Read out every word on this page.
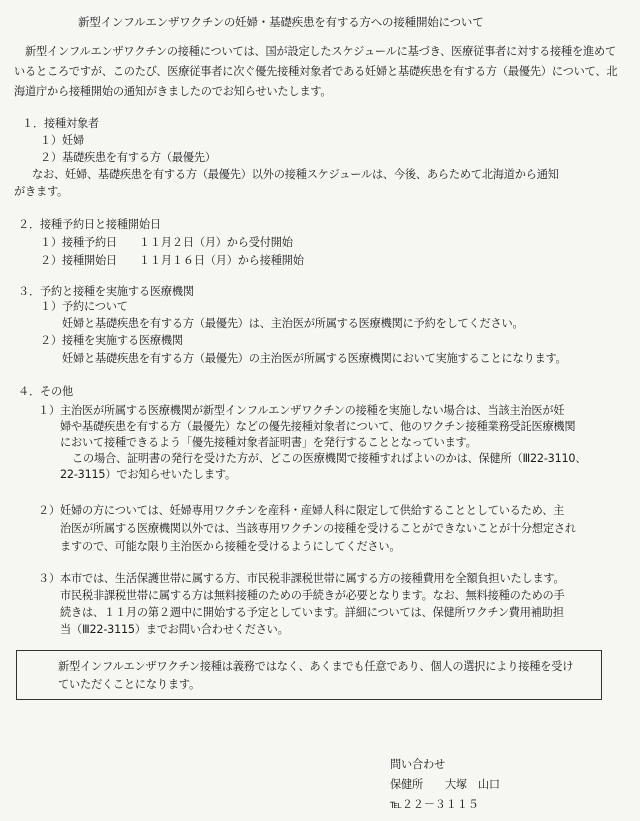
新型インフルエンザワクチンの妊婦・基礎疾患を有する方への接種開始について
　新型インフルエンザワクチンの接種については、国が設定したスケジュールに基づき、医療従事者に対する接種を進めているところですが、このたび、医療従事者に次ぐ優先接種対象者である妊婦と基礎疾患を有する方（最優先）について、北海道庁から接種開始の通知がきましたのでお知らせいたします。
１．接種対象者
１）妊婦
２）基礎疾患を有する方（最優先）
なお、妊婦、基礎疾患を有する方（最優先）以外の接種スケジュールは、今後、あらためて北海道から通知
がきます。
２．接種予約日と接種開始日
１）接種予約日　　１１月２日（月）から受付開始
２）接種開始日　　１１月１６日（月）から接種開始
３．予約と接種を実施する医療機関
１）予約について
妊婦と基礎疾患を有する方（最優先）は、主治医が所属する医療機関に予約をしてください。
２）接種を実施する医療機関
妊婦と基礎疾患を有する方（最優先）の主治医が所属する医療機関において実施することになります。
４．その他
１）主治医が所属する医療機関が新型インフルエンザワクチンの接種を実施しない場合は、当該主治医が妊
婦や基礎疾患を有する方（最優先）などの優先接種対象者について、他のワクチン接種業務受託医療機関
において接種できるよう「優先接種対象者証明書」を発行することとなっています。
この場合、証明書の発行を受けた方が、どこの医療機関で接種すればよいのかは、保健所（Ⅲ22-3110、
22-3115）でお知らせいたします。
２）妊婦の方については、妊婦専用ワクチンを産科・産婦人科に限定して供給することとしているため、主
治医が所属する医療機関以外では、当該専用ワクチンの接種を受けることができないことが十分想定され
ますので、可能な限り主治医から接種を受けるようにしてください。
３）本市では、生活保護世帯に属する方、市民税非課税世帯に属する方の接種費用を全額負担いたします。
市民税非課税世帯に属する方は無料接種のための手続きが必要となります。なお、無料接種のための手
続きは、１１月の第２週中に開始する予定としています。詳細については、保健所ワクチン費用補助担
当（Ⅲ22-3115）までお問い合わせください。
新型インフルエンザワクチン接種は義務ではなく、あくまでも任意であり、個人の選択により接種を受け
ていただくことになります。
問い合わせ
保健所　　大塚　山口
℡２２－３１１５
